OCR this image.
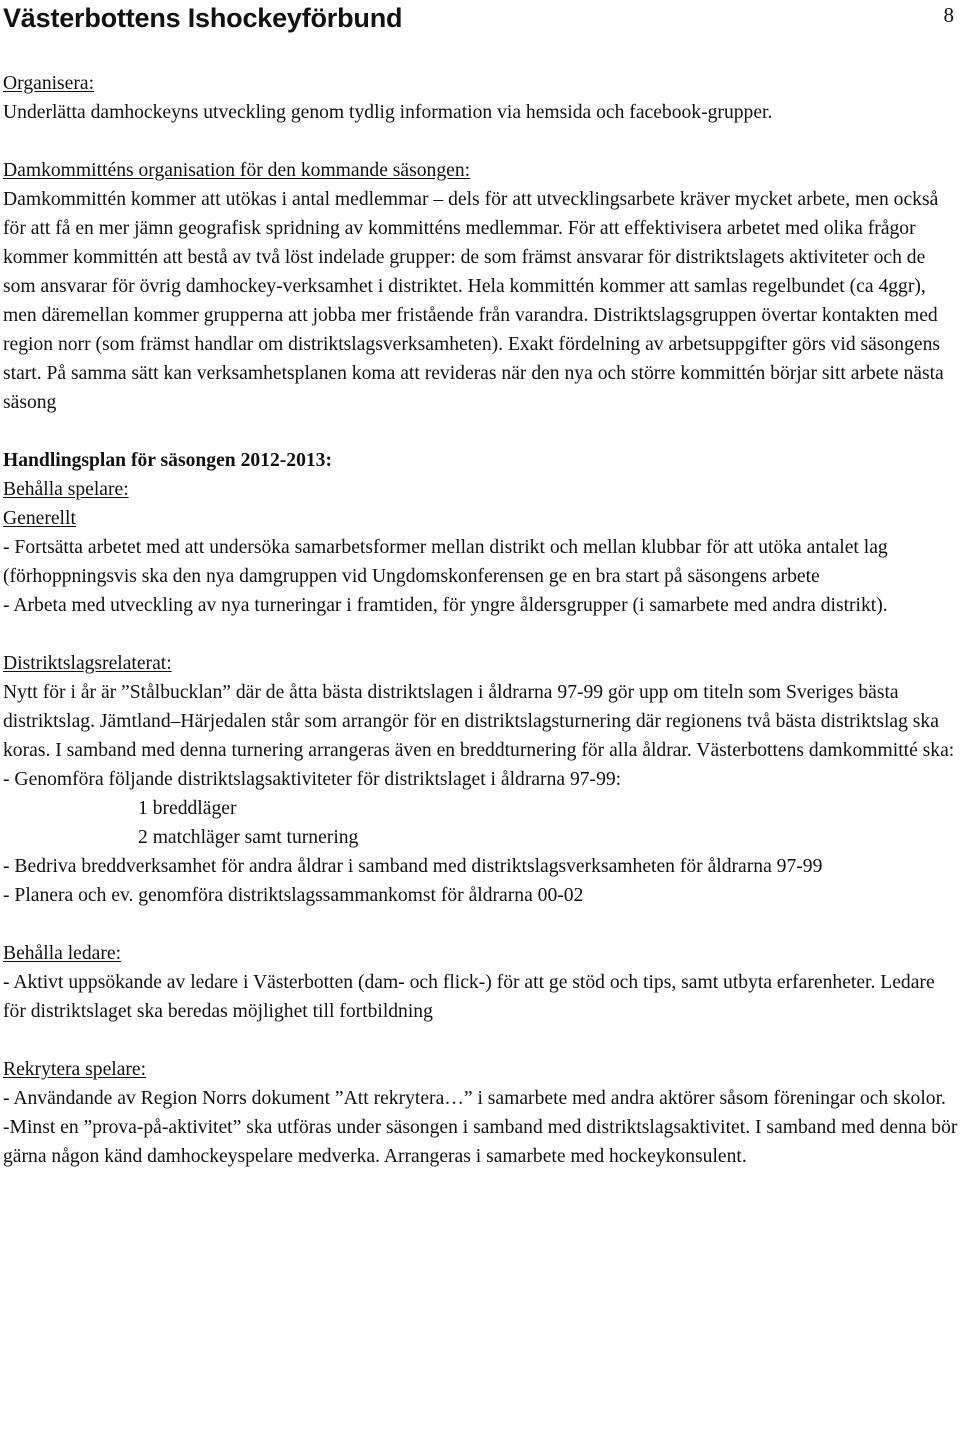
Västerbottens Ishockeyförbund	8

Organisera:

Underlätta damhockeyns utveckling genom tydlig information via hemsida och facebook-grupper.

Damkommitténs organisation för den kommande säsongen:

Damkommittén kommer att utökas i antal medlemmar – dels för att utvecklingsarbete kräver mycket arbete, men också för att få en mer jämn geografisk spridning av kommitténs medlemmar. För att effektivisera arbetet med olika frågor kommer kommittén att bestå av två löst indelade grupper: de som främst ansvarar för distriktslagets aktiviteter och de som ansvarar för övrig damhockey-verksamhet i distriktet. Hela kommittén kommer att samlas regelbundet (ca 4ggr), men däremellan kommer grupperna att jobba mer fristående från varandra. Distriktslagsgruppen övertar kontakten med region norr (som främst handlar om distriktslagsverksamheten). Exakt fördelning av arbetsuppgifter görs vid säsongens start. På samma sätt kan verksamhetsplanen koma att revideras när den nya och större kommittén börjar sitt arbete nästa säsong

Handlingsplan för säsongen 2012-2013:

Behålla spelare:

Generellt

- Fortsätta arbetet med att undersöka samarbetsformer mellan distrikt och mellan klubbar för att utöka antalet lag (förhoppningsvis ska den nya damgruppen vid Ungdomskonferensen ge en bra start på säsongens arbete

- Arbeta med utveckling av nya turneringar i framtiden, för yngre åldersgrupper (i samarbete med andra distrikt).

Distriktslagsrelaterat:

Nytt för i år är ”Stålbucklan” där de åtta bästa distriktslagen i åldrarna 97-99 gör upp om titeln som Sveriges bästa distriktslag. Jämtland–Härjedalen står som arrangör för en distriktslagsturnering där regionens två bästa distriktslag ska koras. I samband med denna turnering arrangeras även en breddturnering för alla åldrar. Västerbottens damkommitté ska:

- Genomföra följande distriktslagsaktiviteter för distriktslaget i åldrarna 97-99:

1 breddläger

2 matchläger samt turnering

- Bedriva breddverksamhet för andra åldrar i samband med distriktslagsverksamheten för åldrarna 97-99

- Planera och ev. genomföra distriktslagssammankomst för åldrarna 00-02

Behålla ledare:

- Aktivt uppsökande av ledare i Västerbotten (dam- och flick-) för att ge stöd och tips, samt utbyta erfarenheter. Ledare för distriktslaget ska beredas möjlighet till fortbildning

Rekrytera spelare:

- Användande av Region Norrs dokument ”Att rekrytera…” i samarbete med andra aktörer såsom föreningar och skolor.

-Minst en ”prova-på-aktivitet” ska utföras under säsongen i samband med distriktslagsaktivitet. I samband med denna bör gärna någon känd damhockeyspelare medverka. Arrangeras i samarbete med hockeykonsulent.
